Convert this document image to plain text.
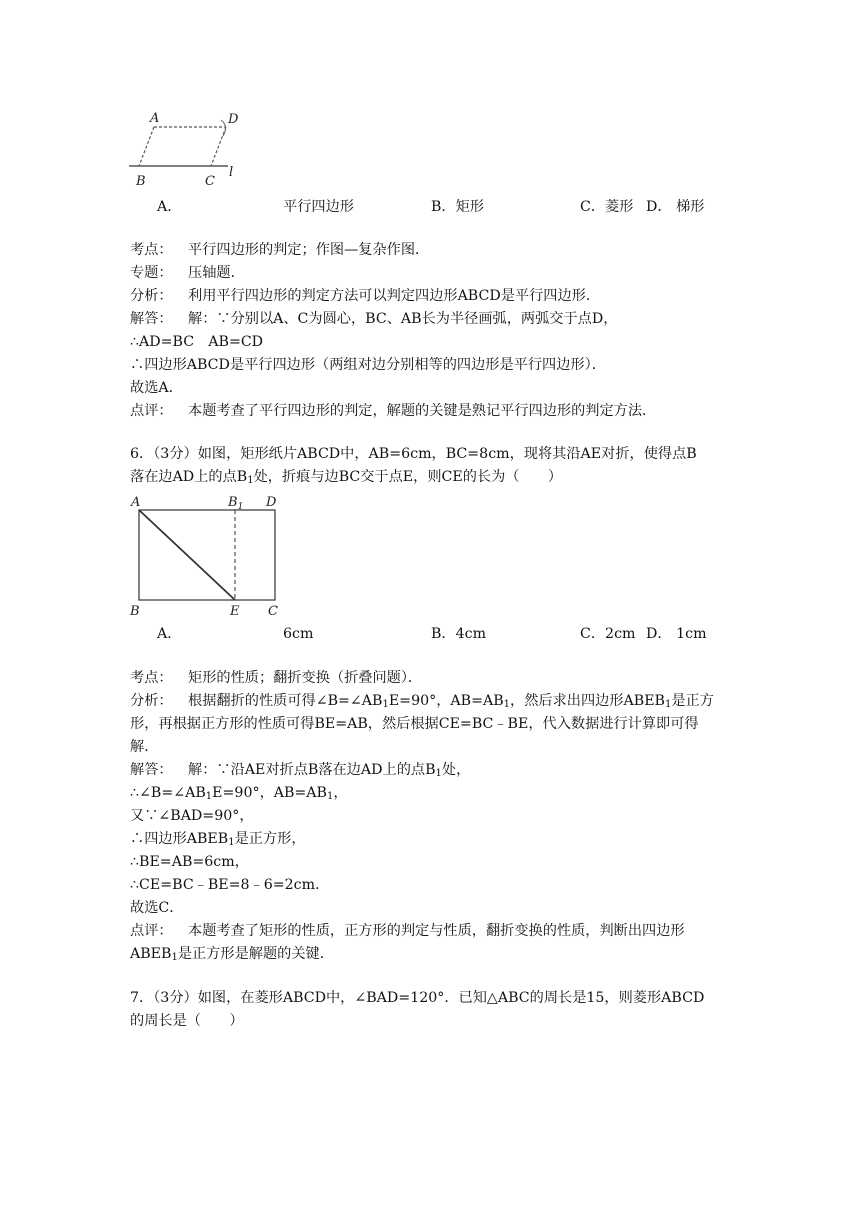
A	D
B	C
l
A．	平行四边形	B．矩形	C．菱形 D． 梯形
考点： 平行四边形的判定；作图—复杂作图．
专题： 压轴题．
分析： 利用平行四边形的判定方法可以判定四边形ABCD是平行四边形．
解答： 解：∵分别以A、C为圆心，BC、AB长为半径画弧，两弧交于点D，
∴AD=BC　AB=CD
∴四边形ABCD是平行四边形（两组对边分别相等的四边形是平行四边形）．
故选A．
点评： 本题考查了平行四边形的判定，解题的关键是熟记平行四边形的判定方法．
6．（3分）如图，矩形纸片ABCD中，AB=6cm，BC=8cm，现将其沿AE对折，使得点B
落在边AD上的点$B_1$处，折痕与边BC交于点E，则CE的长为（　　）
A	$B_1$ D
B	E C
A．	6cm	B．4cm	C．2cm D． 1cm
考点： 矩形的性质；翻折变换（折叠问题）．
分析： 根据翻折的性质可得$\angle B=\angle AB_1E=90^\circ$，$AB=AB_1$，然后求出四边形$ABEB_1$是正方
形，再根据正方形的性质可得BE=AB，然后根据CE=BC﹣BE，代入数据进行计算即可得
解．
解答： 解：∵沿AE对折点B落在边AD上的点$B_1$处，
$\therefore\angle B=\angle AB_1E=90^\circ$，$AB=AB_1$，
又∵∠BAD=90°，
∴四边形$ABEB_1$是正方形，
∴BE=AB=6cm，
∴CE=BC﹣BE=8﹣6=2cm．
故选C．
点评： 本题考查了矩形的性质，正方形的判定与性质，翻折变换的性质，判断出四边形
$ABEB_1$是正方形是解题的关键．
7．（3分）如图，在菱形ABCD中，∠BAD=120°．已知△ABC的周长是15，则菱形ABCD
的周长是（　　）
